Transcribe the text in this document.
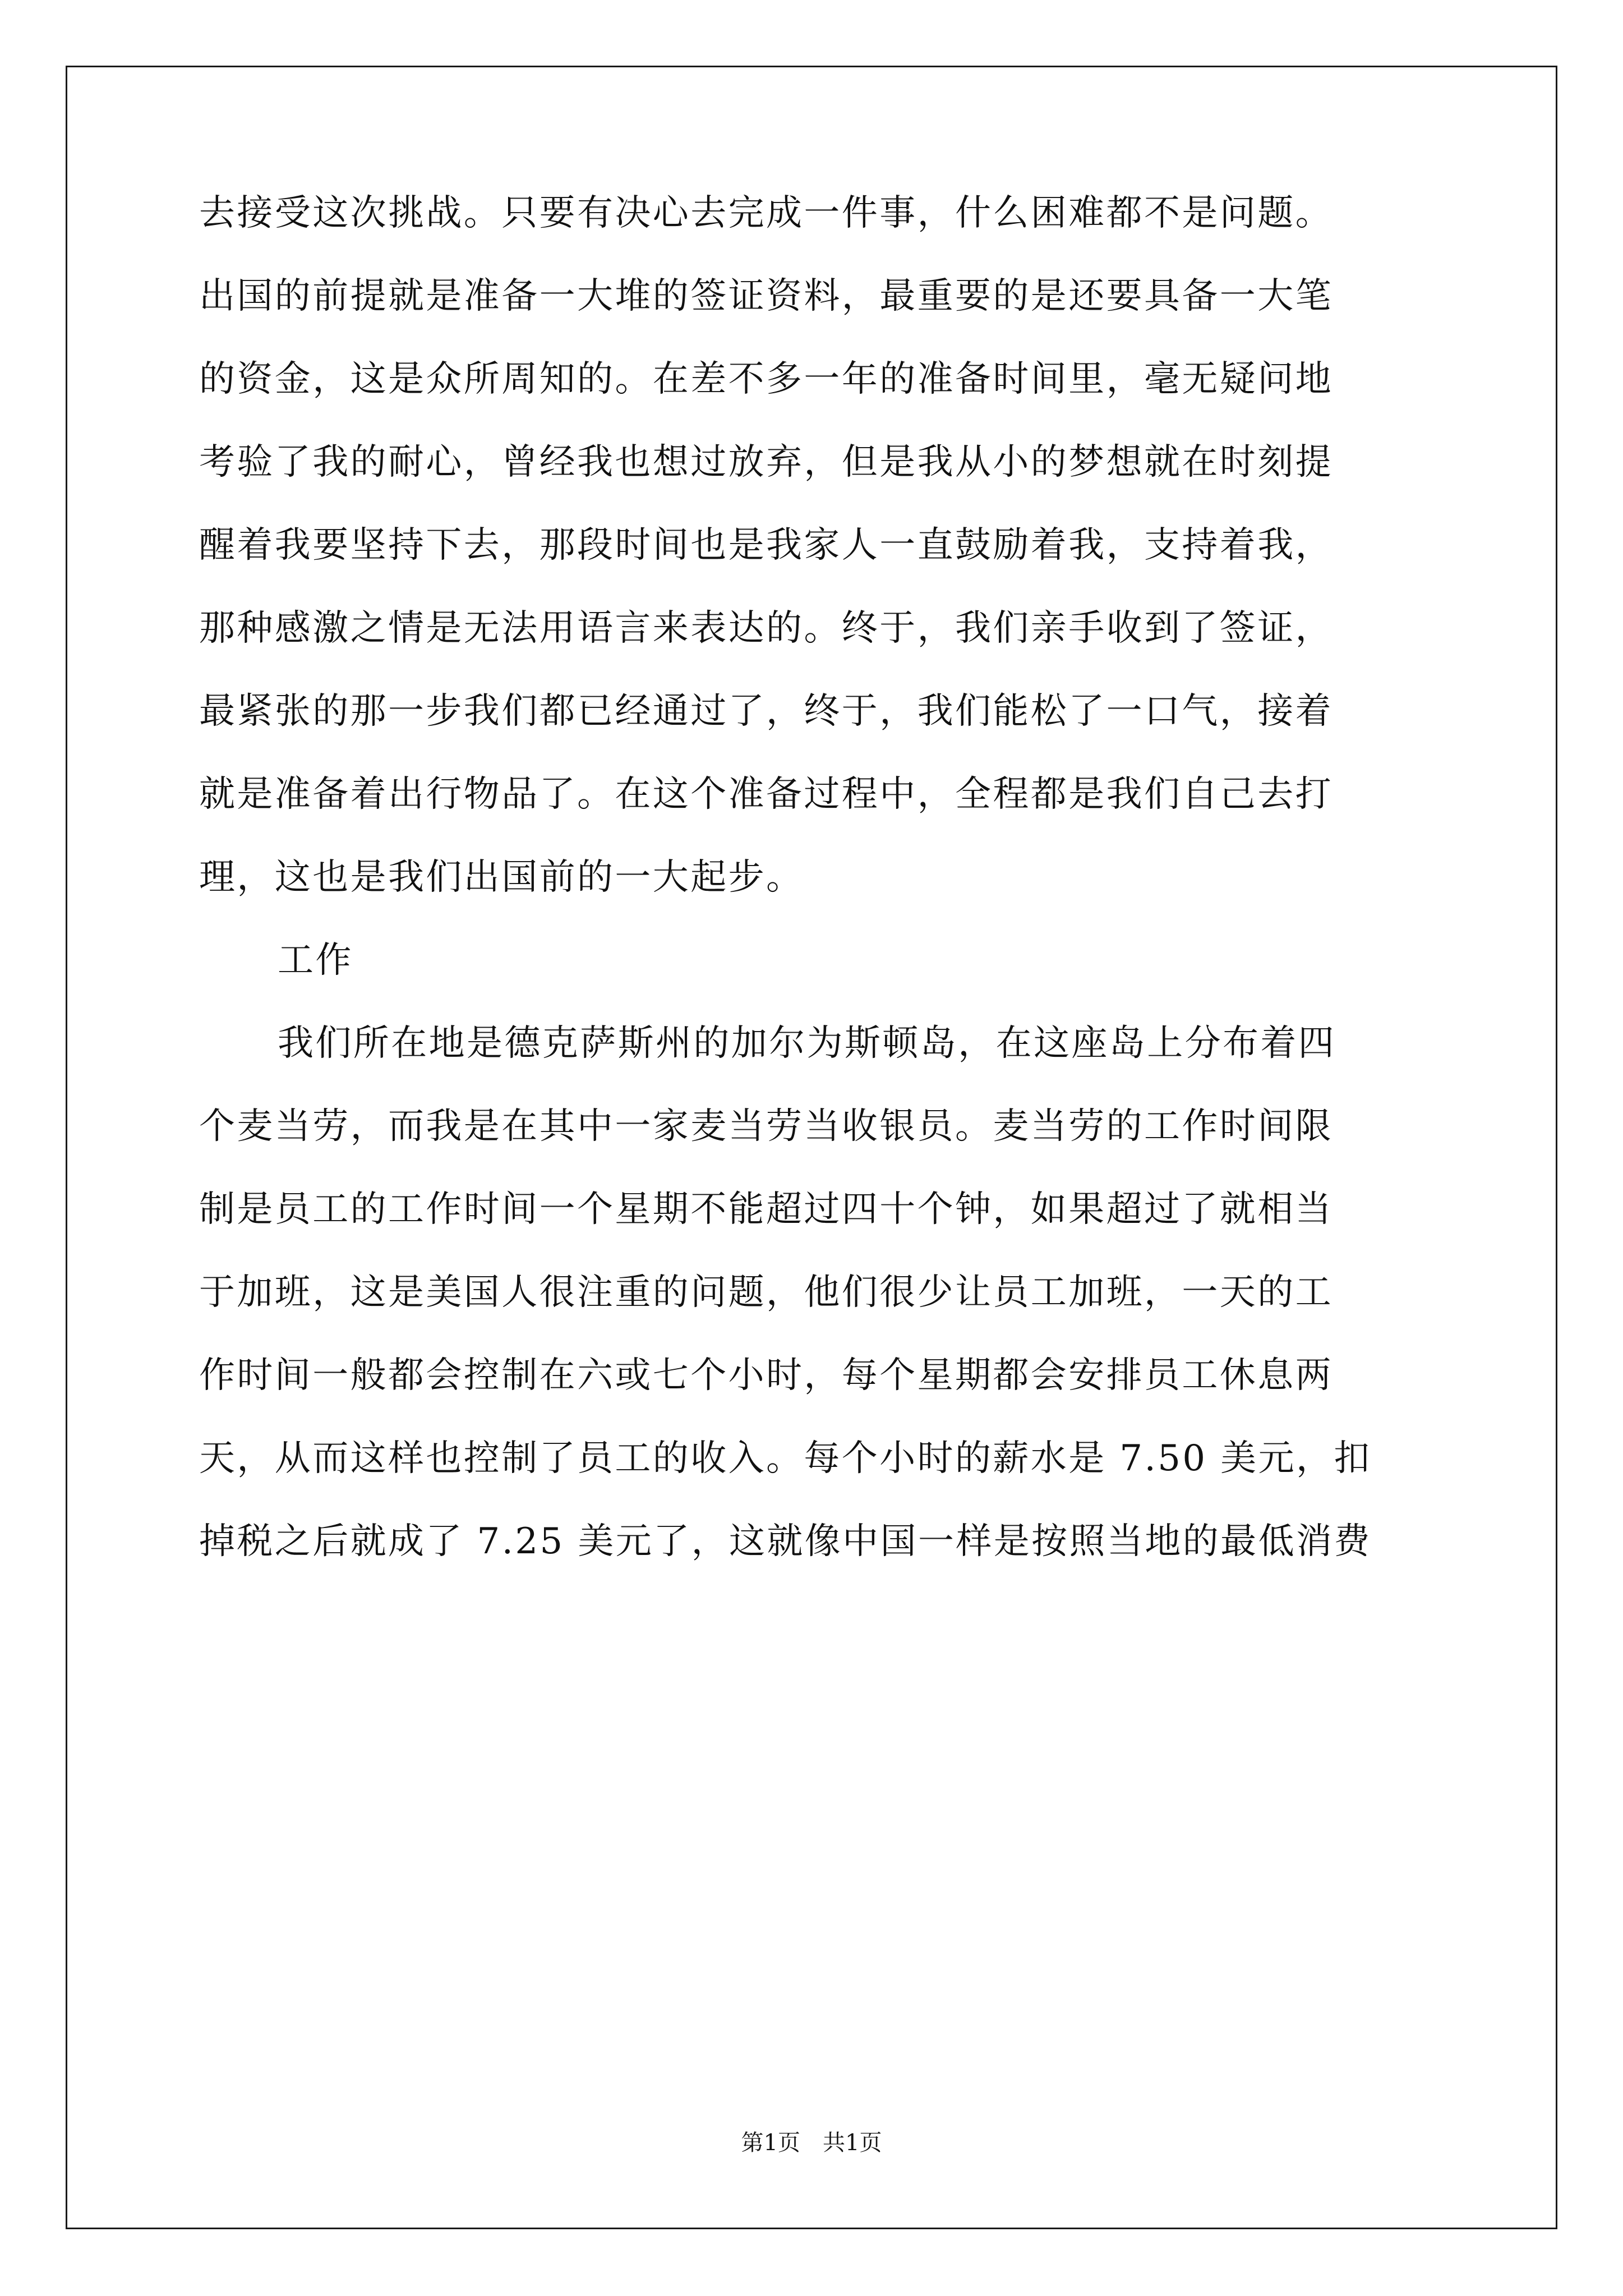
去接受这次挑战。只要有决心去完成一件事，什么困难都不是问题。
出国的前提就是准备一大堆的签证资料，最重要的是还要具备一大笔
的资金，这是众所周知的。在差不多一年的准备时间里，毫无疑问地
考验了我的耐心，曾经我也想过放弃，但是我从小的梦想就在时刻提
醒着我要坚持下去，那段时间也是我家人一直鼓励着我，支持着我，
那种感激之情是无法用语言来表达的。终于，我们亲手收到了签证，
最紧张的那一步我们都已经通过了，终于，我们能松了一口气，接着
就是准备着出行物品了。在这个准备过程中，全程都是我们自己去打
理，这也是我们出国前的一大起步。
工作
我们所在地是德克萨斯州的加尔为斯顿岛，在这座岛上分布着四
个麦当劳，而我是在其中一家麦当劳当收银员。麦当劳的工作时间限
制是员工的工作时间一个星期不能超过四十个钟，如果超过了就相当
于加班，这是美国人很注重的问题，他们很少让员工加班，一天的工
作时间一般都会控制在六或七个小时，每个星期都会安排员工休息两
天，从而这样也控制了员工的收入。每个小时的薪水是 7.50 美元，扣
掉税之后就成了 7.25 美元了，这就像中国一样是按照当地的最低消费
第1页 共1页
